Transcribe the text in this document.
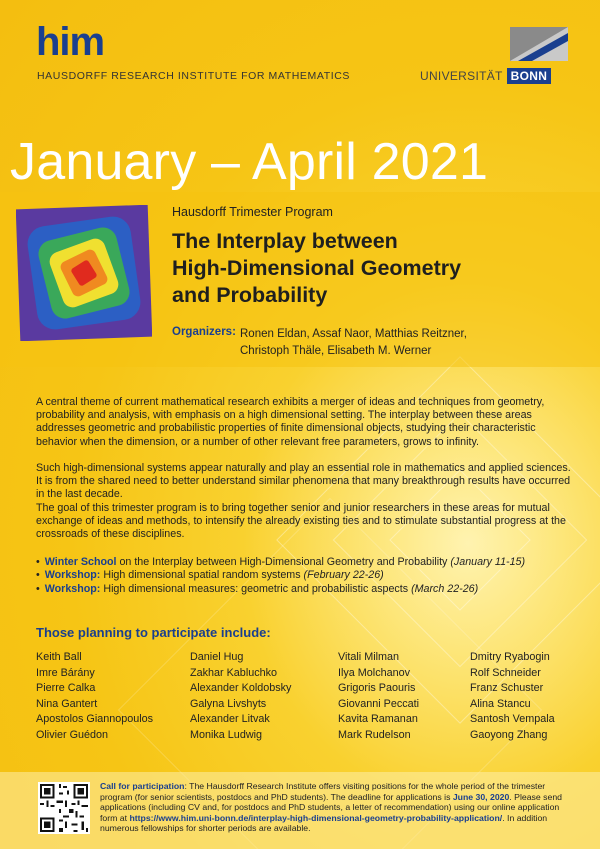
him
HAUSDORFF RESEARCH INSTITUTE FOR MATHEMATICS	UNIVERSITÄT BONN
January – April 2021
Hausdorff Trimester Program
The Interplay between
High-Dimensional Geometry
and Probability
Organizers: Ronen Eldan, Assaf Naor, Matthias Reitzner,
Christoph Thäle, Elisabeth M. Werner

A central theme of current mathematical research exhibits a merger of ideas and techniques from geometry, probability and analysis, with emphasis on a high dimensional setting. The interplay between these areas addresses geometric and probabilistic properties of finite dimensional objects, studying their characteristic behavior when the dimension, or a number of other relevant free parameters, grows to infinity.

Such high-dimensional systems appear naturally and play an essential role in mathematics and applied sciences. It is from the shared need to better understand similar phenomena that many breakthrough results have occurred in the last decade.

The goal of this trimester program is to bring together senior and junior researchers in these areas for mutual exchange of ideas and methods, to intensify the already existing ties and to stimulate substantial progress at the crossroads of these disciplines.

• Winter School on the Interplay between High-Dimensional Geometry and Probability (January 11-15)
• Workshop: High dimensional spatial random systems (February 22-26)
• Workshop: High dimensional measures: geometric and probabilistic aspects (March 22-26)
Those planning to participate include:
Keith Ball
Imre Bárány
Pierre Calka
Nina Gantert
Apostolos Giannopoulos
Olivier Guédon
Daniel Hug
Zakhar Kabluchko
Alexander Koldobsky
Galyna Livshyts
Alexander Litvak
Monika Ludwig
Vitali Milman
Ilya Molchanov
Grigoris Paouris
Giovanni Peccati
Kavita Ramanan
Mark Rudelson
Dmitry Ryabogin
Rolf Schneider
Franz Schuster
Alina Stancu
Santosh Vempala
Gaoyong Zhang

Call for participation: The Hausdorff Research Institute offers visiting positions for the whole period of the trimester program (for senior scientists, postdocs and PhD students). The deadline for applications is June 30, 2020. Please send applications (including CV and, for postdocs and PhD students, a letter of recommendation) using our online application form at https://www.him.uni-bonn.de/interplay-high-dimensional-geometry-probability-application/. In addition numerous fellowships for shorter periods are available.
